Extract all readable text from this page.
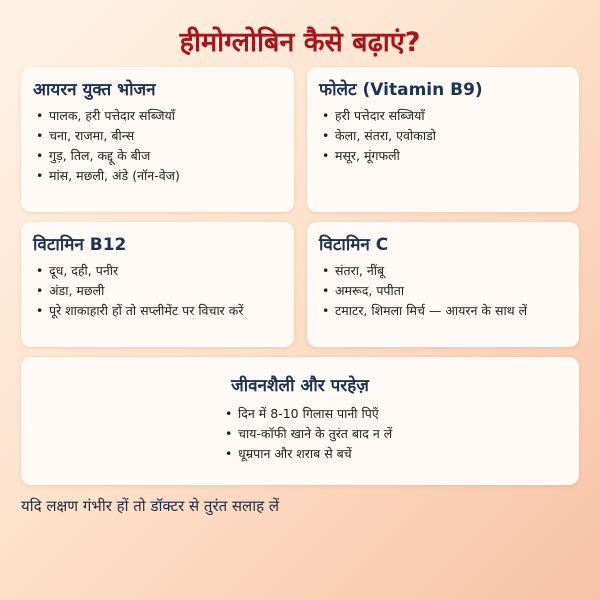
हीमोग्लोबिन कैसे बढ़ाएं?
आयरन युक्त भोजन
• पालक, हरी पत्तेदार सब्जियाँ
• चना, राजमा, बीन्स
• गुड़, तिल, कद्दू के बीज
• मांस, मछली, अंडे (नॉन-वेज)
फोलेट (Vitamin B9)
• हरी पत्तेदार सब्जियाँ
• केला, संतरा, एवोकाडो
• मसूर, मूंगफली
विटामिन B12
• दूध, दही, पनीर
• अंडा, मछली
• पूरे शाकाहारी हों तो सप्लीमेंट पर विचार करें
विटामिन C
• संतरा, नींबू
• अमरूद, पपीता
• टमाटर, शिमला मिर्च — आयरन के साथ लें
जीवनशैली और परहेज़
• दिन में 8-10 गिलास पानी पिएँ
• चाय-कॉफी खाने के तुरंत बाद न लें
• धूम्रपान और शराब से बचें
यदि लक्षण गंभीर हों तो डॉक्टर से तुरंत सलाह लें
